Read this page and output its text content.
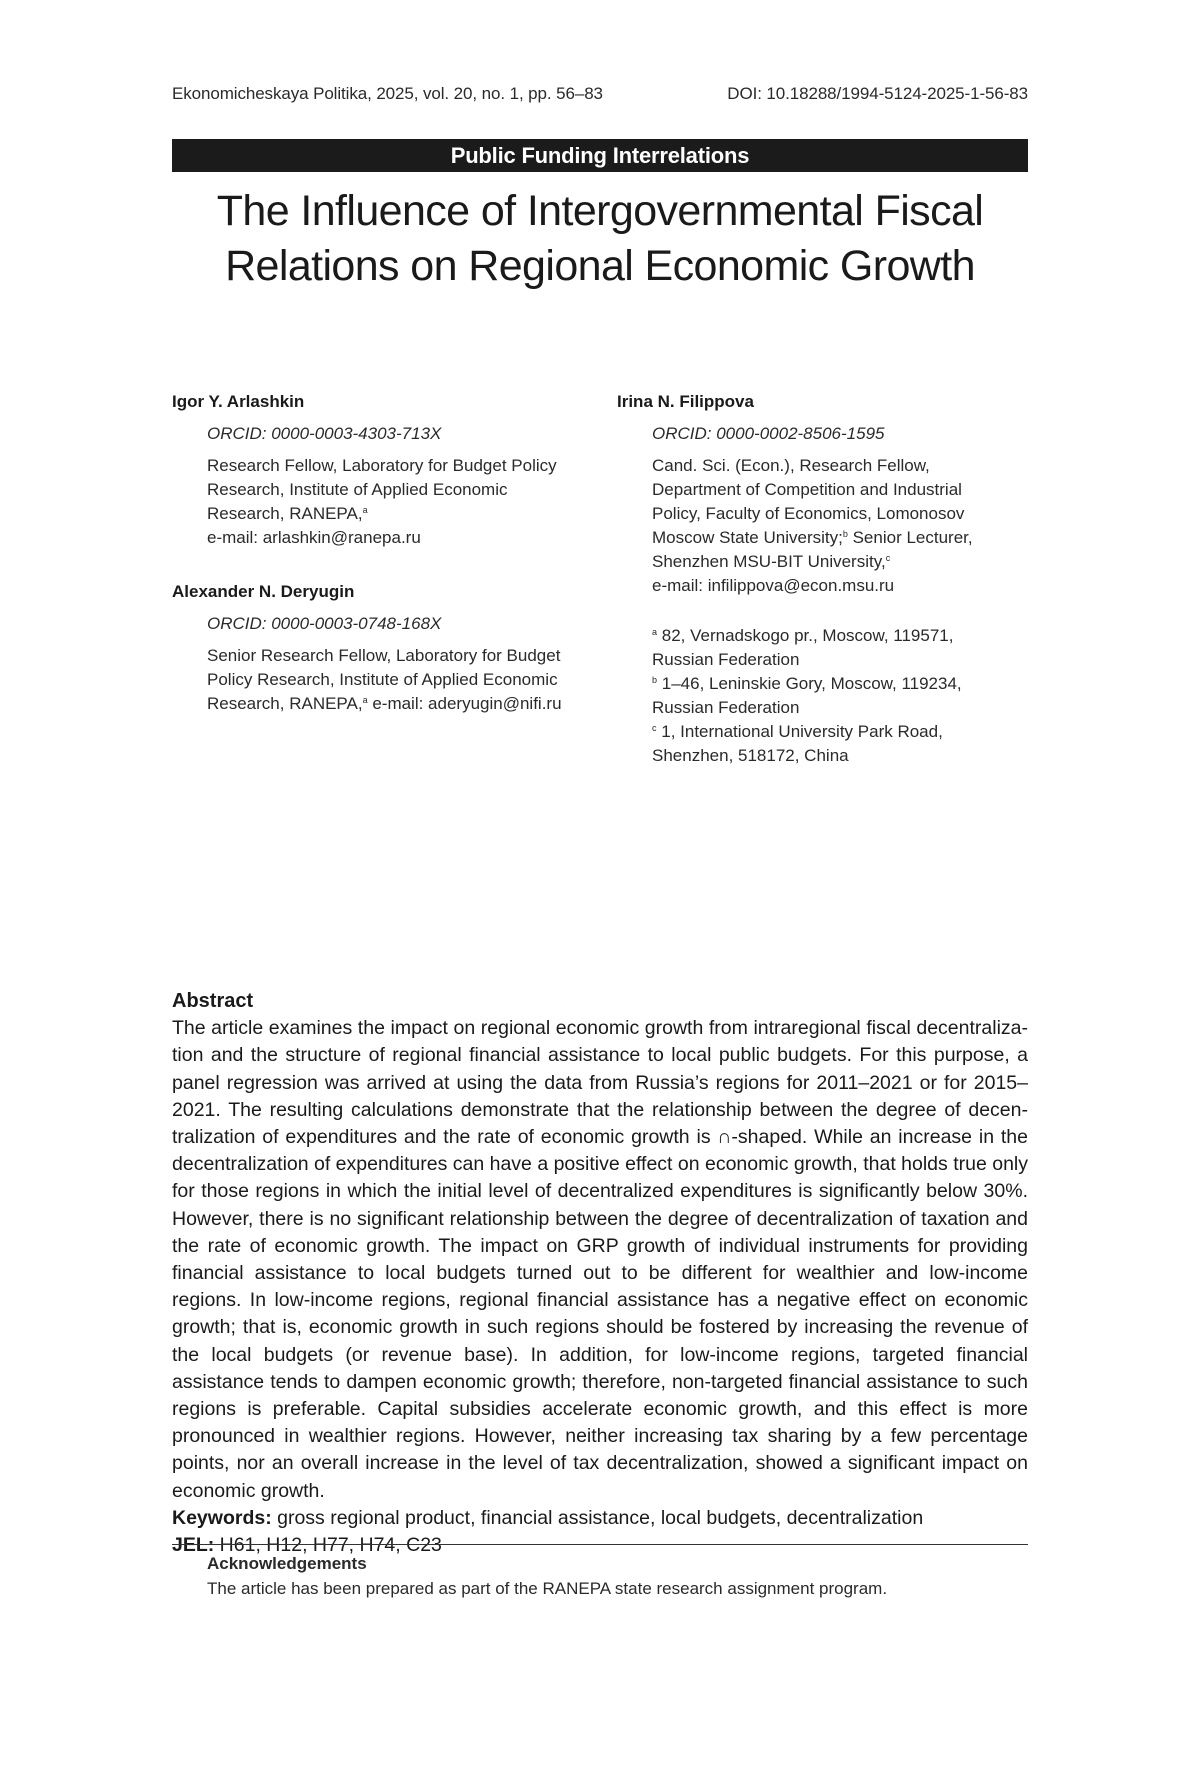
Ekonomicheskaya Politika, 2025, vol. 20, no. 1, pp. 56–83	DOI: 10.18288/1994-5124-2025-1-56-83
Public Funding Interrelations
The Influence of Intergovernmental Fiscal
Relations on Regional Economic Growth
Igor Y. Arlashkin
ORCID: 0000-0003-4303-713X
Research Fellow, Laboratory for Budget Policy
Research, Institute of Applied Economic
Research, RANEPA,$^a$
e-mail: arlashkin@ranepa.ru
Alexander N. Deryugin
ORCID: 0000-0003-0748-168X
Senior Research Fellow, Laboratory for Budget
Policy Research, Institute of Applied Economic
Research, RANEPA,$^a$ e-mail: aderyugin@nifi.ru
Irina N. Filippova
ORCID: 0000-0002-8506-1595
Cand. Sci. (Econ.), Research Fellow,
Department of Competition and Industrial
Policy, Faculty of Economics, Lomonosov
Moscow State University;$^b$ Senior Lecturer,
Shenzhen MSU-BIT University,$^c$
e-mail: infilippova@econ.msu.ru
$^a$ 82, Vernadskogo pr., Moscow, 119571,
Russian Federation
$^b$ 1–46, Leninskie Gory, Moscow, 119234,
Russian Federation
$^c$ 1, International University Park Road,
Shenzhen, 518172, China
Abstract
The article examines the impact on regional economic growth from intraregional fiscal decentralization and the structure of regional financial assistance to local public budgets. For this purpose, a panel regression was arrived at using the data from Russia’s regions for 2011–2021 or for 2015–2021. The resulting calculations demonstrate that the relationship between the degree of decentralization of expenditures and the rate of economic growth is ∩-shaped. While an increase in the decentralization of expenditures can have a positive effect on economic growth, that holds true only for those regions in which the initial level of decentralized expenditures is significantly below 30%. However, there is no significant relationship between the degree of decentralization of taxation and the rate of economic growth. The impact on GRP growth of individual instruments for providing financial assistance to local budgets turned out to be different for wealthier and low-income regions. In low-income regions, regional financial assistance has a negative effect on economic growth; that is, economic growth in such regions should be fostered by increasing the revenue of the local budgets (or revenue base). In addition, for low-income regions, targeted financial assistance tends to dampen economic growth; therefore, non-targeted financial assistance to such regions is preferable. Capital subsidies accelerate economic growth, and this effect is more pronounced in wealthier regions. However, neither increasing tax sharing by a few percentage points, nor an overall increase in the level of tax decentralization, showed a significant impact on economic growth.
Keywords: gross regional product, financial assistance, local budgets, decentralization
JEL: H61, H12, H77, H74, C23
Acknowledgements
The article has been prepared as part of the RANEPA state research assignment program.
